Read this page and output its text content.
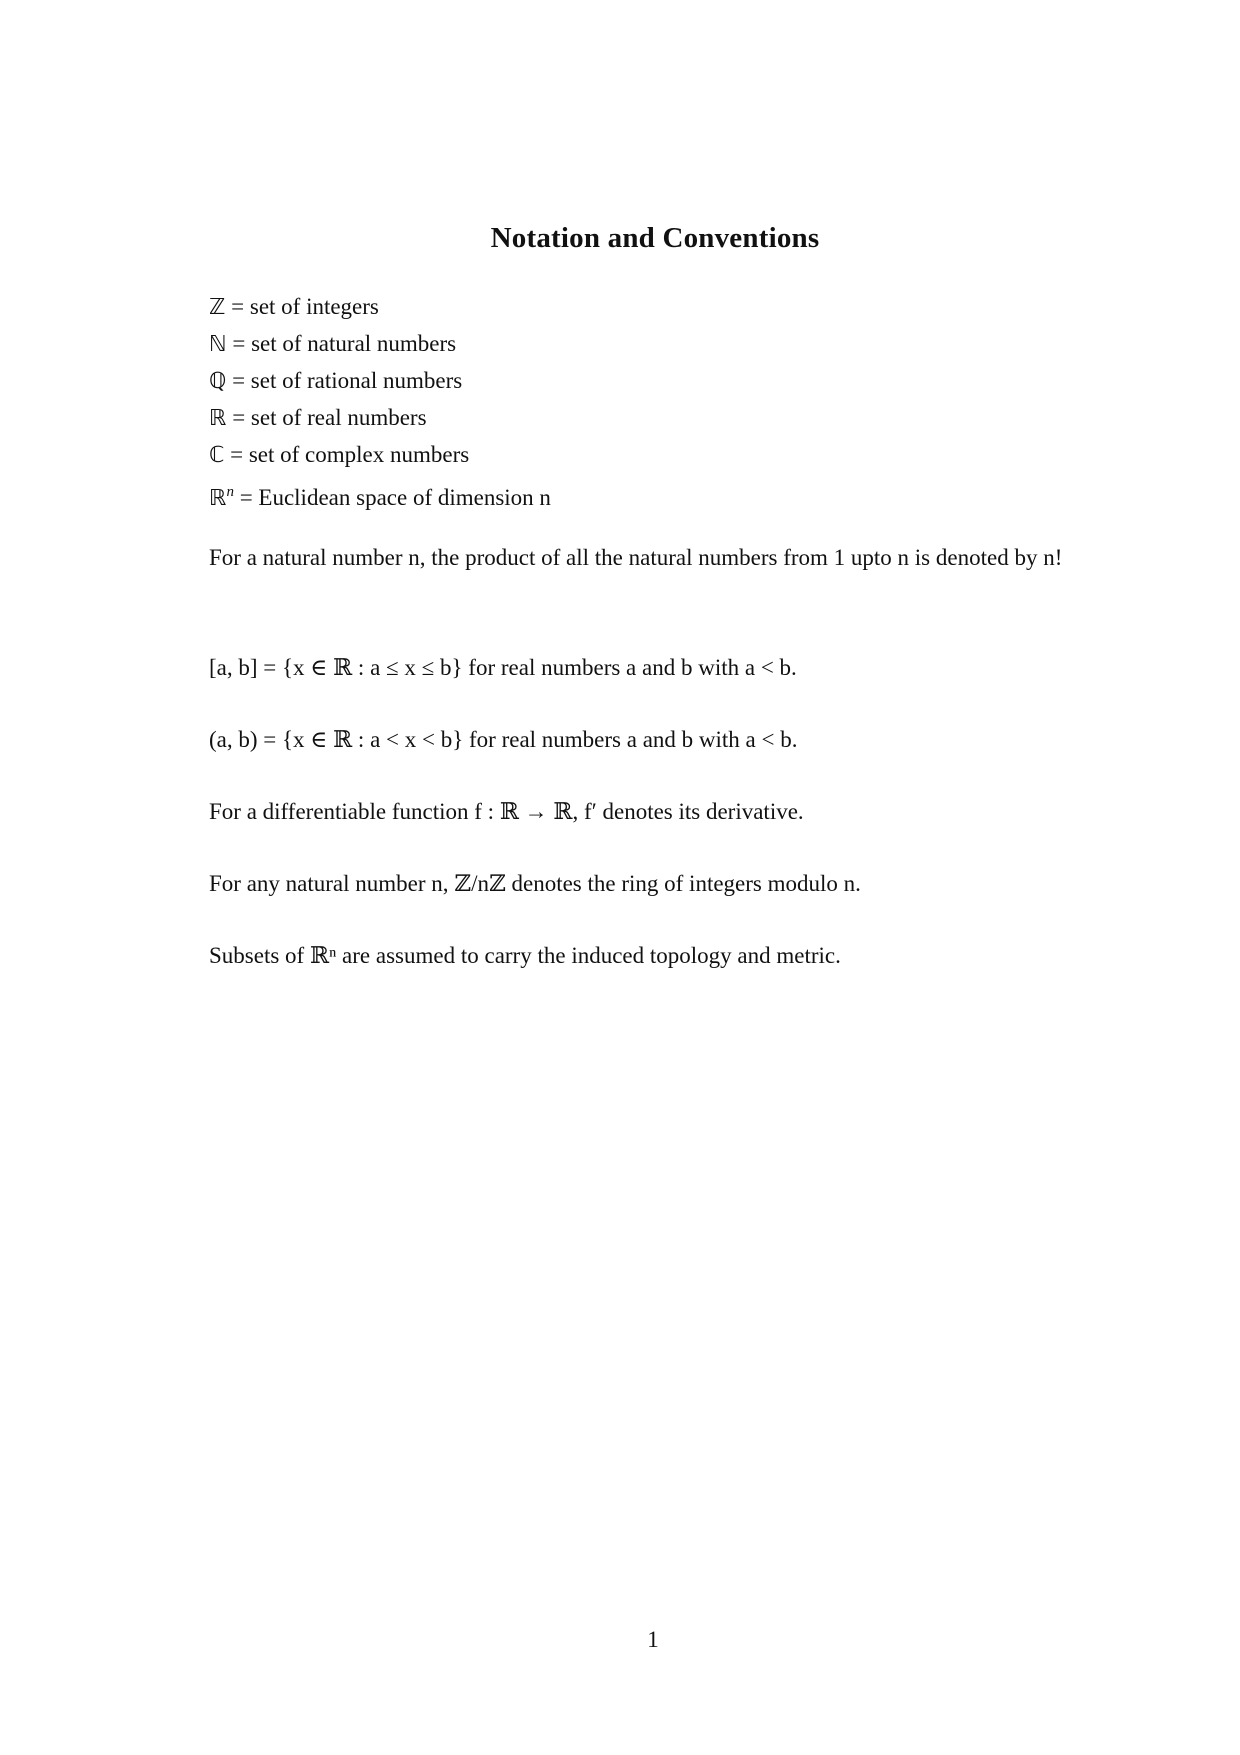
Notation and Conventions
ℤ = set of integers
ℕ = set of natural numbers
ℚ = set of rational numbers
ℝ = set of real numbers
ℂ = set of complex numbers
ℝ$^n$ = Euclidean space of dimension n
For a natural number n, the product of all the natural numbers from 1 upto n is denoted by n!
[a, b] = {x ∈ ℝ : a ≤ x ≤ b} for real numbers a and b with a < b.
(a, b) = {x ∈ ℝ : a < x < b} for real numbers a and b with a < b.
For a differentiable function f : ℝ → ℝ, f′ denotes its derivative.
For any natural number n, ℤ/nℤ denotes the ring of integers modulo n.
Subsets of ℝⁿ are assumed to carry the induced topology and metric.
1
